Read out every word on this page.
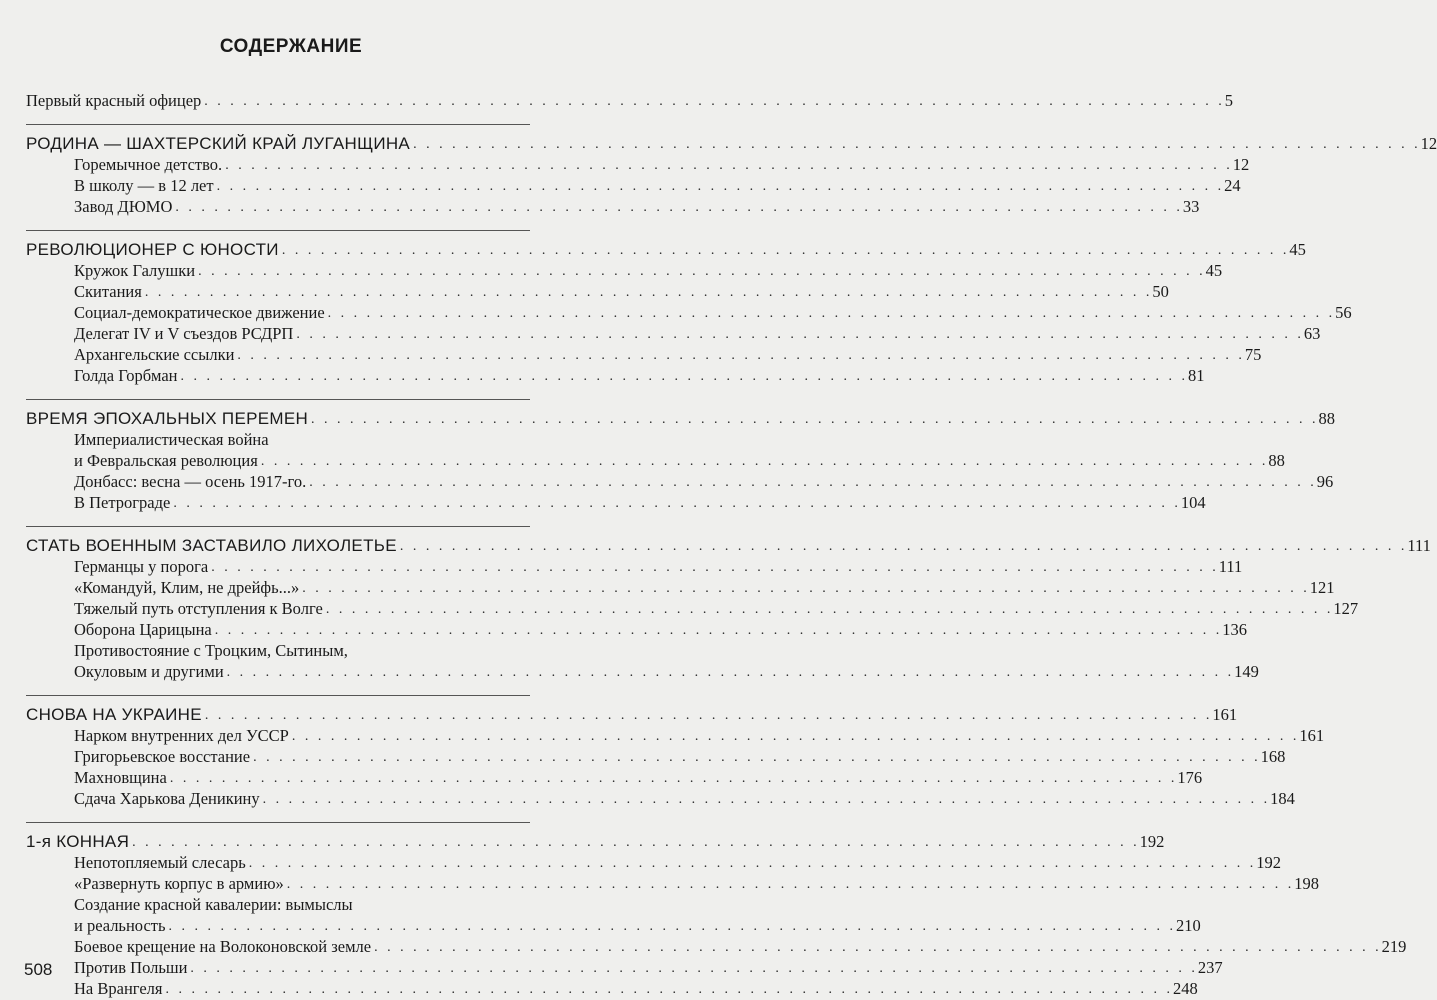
СОДЕРЖАНИЕ
Первый красный офицер . . . . . . . . . . . . . . . . . . . . . . . . . . . . . . . . . . . . . . . . . . . . . . . . . . . . . . . . . . . . . . . . . . . . . . . . . . . . . . . 5
РОДИНА — ШАХТЕРСКИЙ КРАЙ ЛУГАНЩИНА . . . . . . . . . . . . . . . . . . . . . . . . . . . . . . . . . . . . . . . . . . . . . . . . . . . . . . . . . . . . . . . . . . . . . . . . . . . . . . 12
Горемычное детство. . . . . . . . . . . . . . . . . . . . . . . . . . . . . . . . . . . . . . . . . . . . . . . . . . . . . . . . . . . . . . . . . . . . . . . . . . . . . . . 12
В школу — в 12 лет . . . . . . . . . . . . . . . . . . . . . . . . . . . . . . . . . . . . . . . . . . . . . . . . . . . . . . . . . . . . . . . . . . . . . . . . . . . . . . 24
Завод ДЮМО . . . . . . . . . . . . . . . . . . . . . . . . . . . . . . . . . . . . . . . . . . . . . . . . . . . . . . . . . . . . . . . . . . . . . . . . . . . . . . 33
РЕВОЛЮЦИОНЕР С ЮНОСТИ . . . . . . . . . . . . . . . . . . . . . . . . . . . . . . . . . . . . . . . . . . . . . . . . . . . . . . . . . . . . . . . . . . . . . . . . . . . . . . 45
Кружок Галушки . . . . . . . . . . . . . . . . . . . . . . . . . . . . . . . . . . . . . . . . . . . . . . . . . . . . . . . . . . . . . . . . . . . . . . . . . . . . . . 45
Скитания . . . . . . . . . . . . . . . . . . . . . . . . . . . . . . . . . . . . . . . . . . . . . . . . . . . . . . . . . . . . . . . . . . . . . . . . . . . . . . 50
Социал-демократическое движение . . . . . . . . . . . . . . . . . . . . . . . . . . . . . . . . . . . . . . . . . . . . . . . . . . . . . . . . . . . . . . . . . . . . . . . . . . . . . . 56
Делегат IV и V съездов РСДРП . . . . . . . . . . . . . . . . . . . . . . . . . . . . . . . . . . . . . . . . . . . . . . . . . . . . . . . . . . . . . . . . . . . . . . . . . . . . . . 63
Архангельские ссылки . . . . . . . . . . . . . . . . . . . . . . . . . . . . . . . . . . . . . . . . . . . . . . . . . . . . . . . . . . . . . . . . . . . . . . . . . . . . . . 75
Голда Горбман . . . . . . . . . . . . . . . . . . . . . . . . . . . . . . . . . . . . . . . . . . . . . . . . . . . . . . . . . . . . . . . . . . . . . . . . . . . . . . 81
ВРЕМЯ ЭПОХАЛЬНЫХ ПЕРЕМЕН . . . . . . . . . . . . . . . . . . . . . . . . . . . . . . . . . . . . . . . . . . . . . . . . . . . . . . . . . . . . . . . . . . . . . . . . . . . . . . 88
Империалистическая война
и Февральская революция . . . . . . . . . . . . . . . . . . . . . . . . . . . . . . . . . . . . . . . . . . . . . . . . . . . . . . . . . . . . . . . . . . . . . . . . . . . . . . 88
Донбасс: весна — осень 1917-го. . . . . . . . . . . . . . . . . . . . . . . . . . . . . . . . . . . . . . . . . . . . . . . . . . . . . . . . . . . . . . . . . . . . . . . . . . . . . . . 96
В Петрограде . . . . . . . . . . . . . . . . . . . . . . . . . . . . . . . . . . . . . . . . . . . . . . . . . . . . . . . . . . . . . . . . . . . . . . . . . . . . . . 104
СТАТЬ ВОЕННЫМ ЗАСТАВИЛО ЛИХОЛЕТЬЕ . . . . . . . . . . . . . . . . . . . . . . . . . . . . . . . . . . . . . . . . . . . . . . . . . . . . . . . . . . . . . . . . . . . . . . . . . . . . . . 111
Германцы у порога . . . . . . . . . . . . . . . . . . . . . . . . . . . . . . . . . . . . . . . . . . . . . . . . . . . . . . . . . . . . . . . . . . . . . . . . . . . . . . 111
«Командуй, Клим, не дрейфь...» . . . . . . . . . . . . . . . . . . . . . . . . . . . . . . . . . . . . . . . . . . . . . . . . . . . . . . . . . . . . . . . . . . . . . . . . . . . . . . 121
Тяжелый путь отступления к Волге . . . . . . . . . . . . . . . . . . . . . . . . . . . . . . . . . . . . . . . . . . . . . . . . . . . . . . . . . . . . . . . . . . . . . . . . . . . . . . 127
Оборона Царицына . . . . . . . . . . . . . . . . . . . . . . . . . . . . . . . . . . . . . . . . . . . . . . . . . . . . . . . . . . . . . . . . . . . . . . . . . . . . . . 136
Противостояние с Троцким, Сытиным,
Окуловым и другими . . . . . . . . . . . . . . . . . . . . . . . . . . . . . . . . . . . . . . . . . . . . . . . . . . . . . . . . . . . . . . . . . . . . . . . . . . . . . . 149
СНОВА НА УКРАИНЕ . . . . . . . . . . . . . . . . . . . . . . . . . . . . . . . . . . . . . . . . . . . . . . . . . . . . . . . . . . . . . . . . . . . . . . . . . . . . . . 161
Нарком внутренних дел УССР . . . . . . . . . . . . . . . . . . . . . . . . . . . . . . . . . . . . . . . . . . . . . . . . . . . . . . . . . . . . . . . . . . . . . . . . . . . . . . 161
Григорьевское восстание . . . . . . . . . . . . . . . . . . . . . . . . . . . . . . . . . . . . . . . . . . . . . . . . . . . . . . . . . . . . . . . . . . . . . . . . . . . . . . 168
Махновщина . . . . . . . . . . . . . . . . . . . . . . . . . . . . . . . . . . . . . . . . . . . . . . . . . . . . . . . . . . . . . . . . . . . . . . . . . . . . . . 176
Сдача Харькова Деникину . . . . . . . . . . . . . . . . . . . . . . . . . . . . . . . . . . . . . . . . . . . . . . . . . . . . . . . . . . . . . . . . . . . . . . . . . . . . . . 184
1-я КОННАЯ . . . . . . . . . . . . . . . . . . . . . . . . . . . . . . . . . . . . . . . . . . . . . . . . . . . . . . . . . . . . . . . . . . . . . . . . . . . . . . 192
Непотопляемый слесарь . . . . . . . . . . . . . . . . . . . . . . . . . . . . . . . . . . . . . . . . . . . . . . . . . . . . . . . . . . . . . . . . . . . . . . . . . . . . . . 192
«Развернуть корпус в армию» . . . . . . . . . . . . . . . . . . . . . . . . . . . . . . . . . . . . . . . . . . . . . . . . . . . . . . . . . . . . . . . . . . . . . . . . . . . . . . 198
Создание красной кавалерии: вымыслы
и реальность . . . . . . . . . . . . . . . . . . . . . . . . . . . . . . . . . . . . . . . . . . . . . . . . . . . . . . . . . . . . . . . . . . . . . . . . . . . . . . 210
Боевое крещение на Волоконовской земле . . . . . . . . . . . . . . . . . . . . . . . . . . . . . . . . . . . . . . . . . . . . . . . . . . . . . . . . . . . . . . . . . . . . . . . . . . . . . . 219
Против Польши . . . . . . . . . . . . . . . . . . . . . . . . . . . . . . . . . . . . . . . . . . . . . . . . . . . . . . . . . . . . . . . . . . . . . . . . . . . . . . 237
На Врангеля . . . . . . . . . . . . . . . . . . . . . . . . . . . . . . . . . . . . . . . . . . . . . . . . . . . . . . . . . . . . . . . . . . . . . . . . . . . . . . 248
508
